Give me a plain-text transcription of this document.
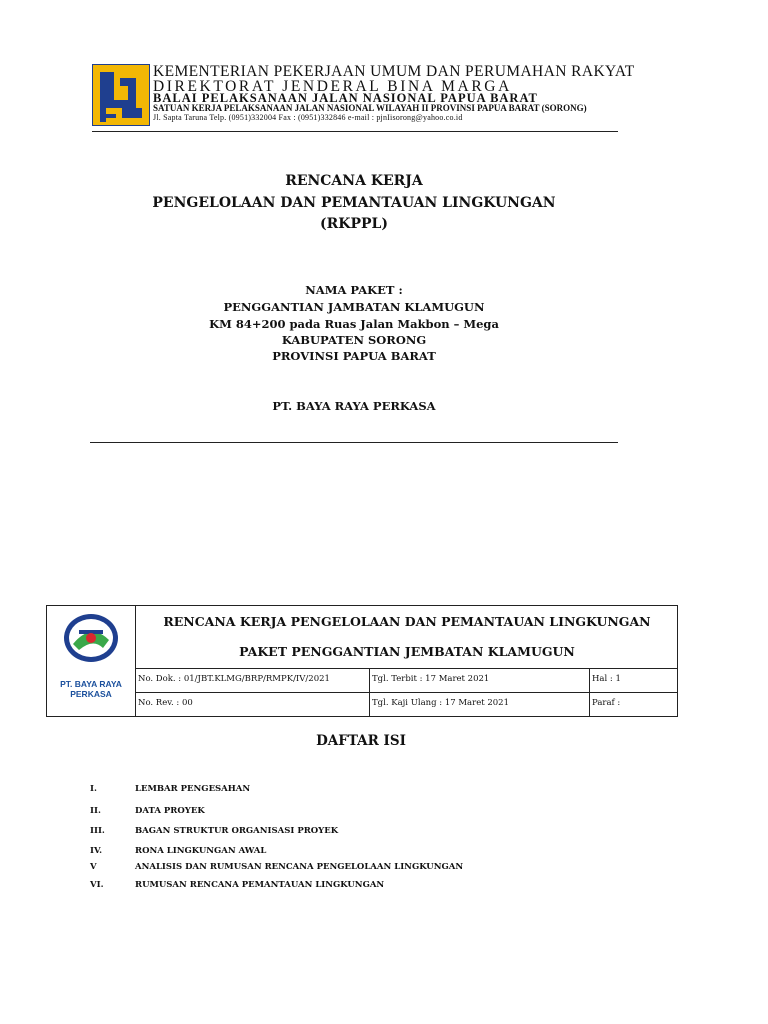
KEMENTERIAN PEKERJAAN UMUM DAN PERUMAHAN RAKYAT
DIREKTORAT JENDERAL BINA MARGA
BALAI PELAKSANAAN JALAN NASIONAL PAPUA BARAT
SATUAN KERJA PELAKSANAAN JALAN NASIONAL WILAYAH II PROVINSI PAPUA BARAT (SORONG)
Jl. Sapta Taruna Telp. (0951)332004 Fax : (0951)332846 e-mail : pjnIisorong@yahoo.co.id
RENCANA KERJA
PENGELOLAAN DAN PEMANTAUAN LINGKUNGAN
(RKPPL)
NAMA PAKET :
PENGGANTIAN JAMBATAN KLAMUGUN
KM 84+200 pada Ruas Jalan Makbon – Mega
KABUPATEN SORONG
PROVINSI PAPUA BARAT
PT. BAYA RAYA PERKASA
RENCANA KERJA PENGELOLAAN DAN PEMANTAUAN LINGKUNGAN
PAKET PENGGANTIAN JEMBATAN KLAMUGUN
PT. BAYA RAYA
PERKASA
No. Dok. : 01/JBT.KLMG/BRP/RMPK/IV/2021	Tgl. Terbit : 17 Maret 2021	Hal : 1
No. Rev. : 00	Tgl. Kaji Ulang : 17 Maret 2021	Paraf :
DAFTAR ISI
I.	LEMBAR PENGESAHAN
II.	DATA PROYEK
III.	BAGAN STRUKTUR ORGANISASI PROYEK
IV.	RONA LINGKUNGAN AWAL
V	ANALISIS DAN RUMUSAN RENCANA PENGELOLAAN LINGKUNGAN
VI.	RUMUSAN RENCANA PEMANTAUAN LINGKUNGAN
